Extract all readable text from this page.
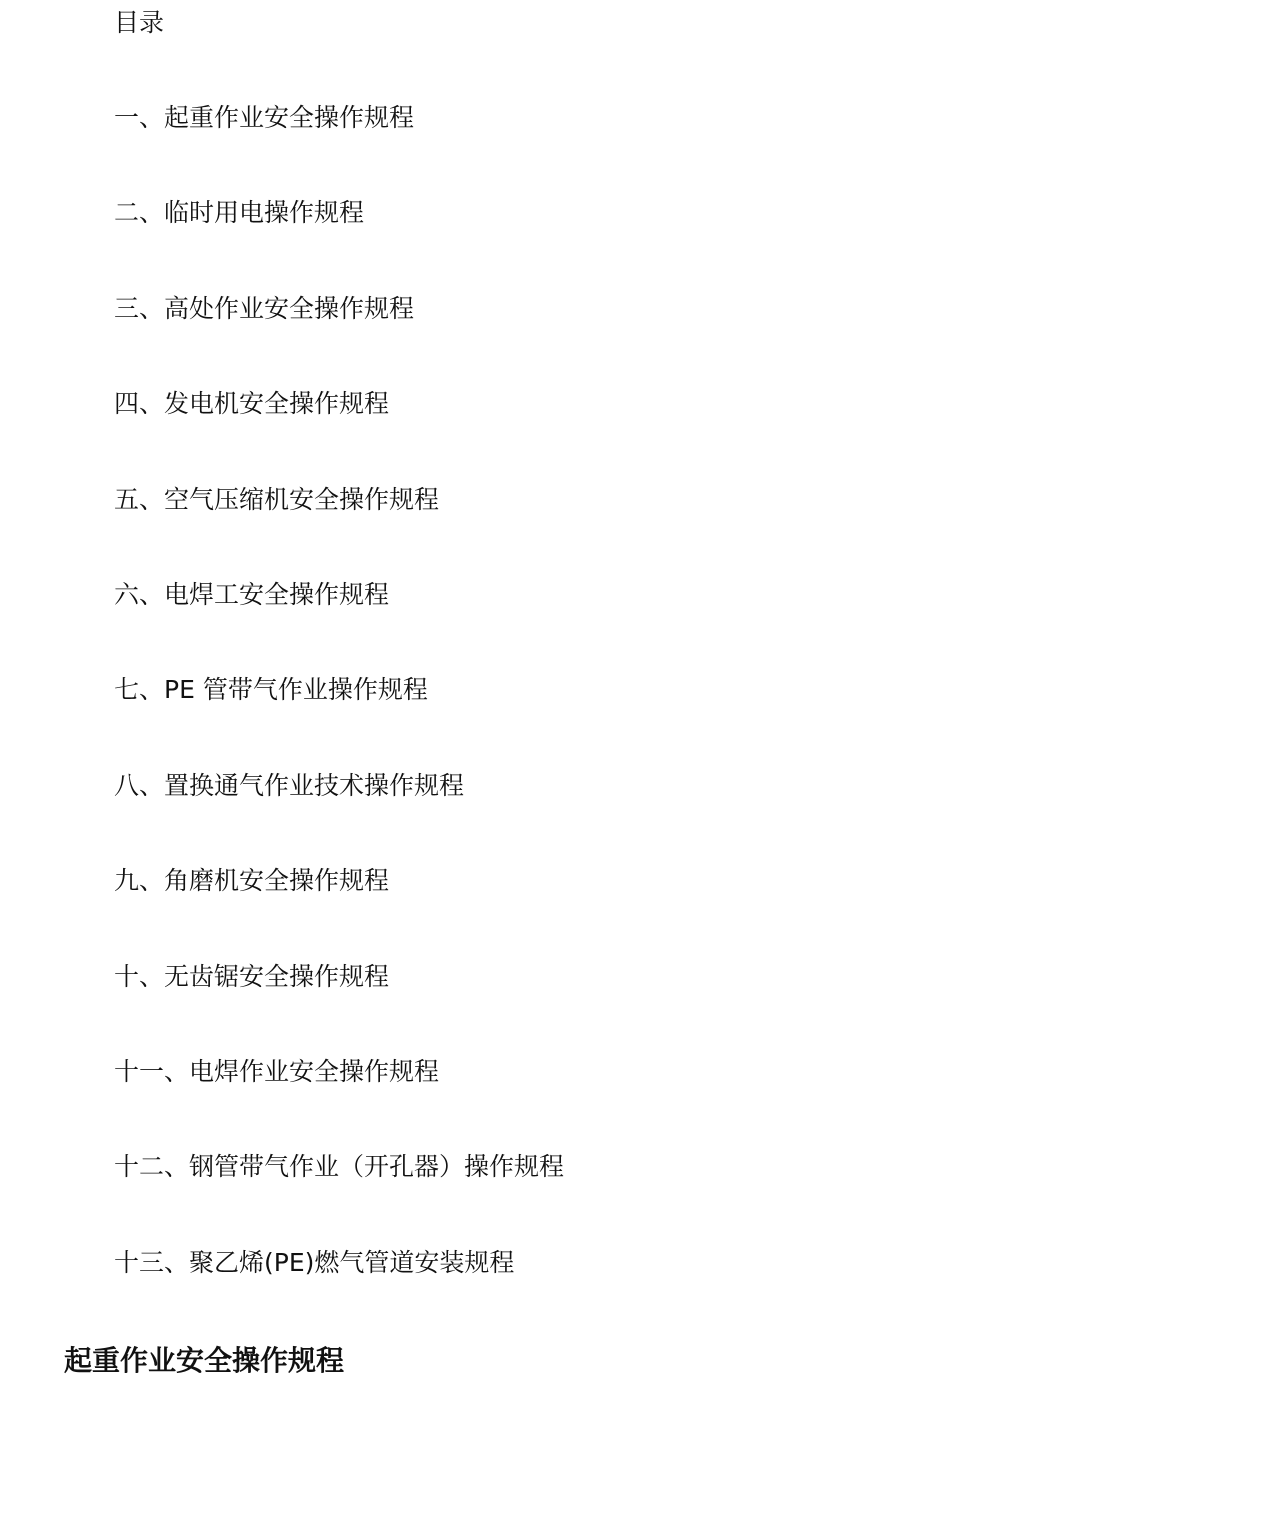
目录
一、起重作业安全操作规程
二、临时用电操作规程
三、高处作业安全操作规程
四、发电机安全操作规程
五、空气压缩机安全操作规程
六、电焊工安全操作规程
七、PE 管带气作业操作规程
八、置换通气作业技术操作规程
九、角磨机安全操作规程
十、无齿锯安全操作规程
十一、电焊作业安全操作规程
十二、钢管带气作业（开孔器）操作规程
十三、聚乙烯(PE)燃气管道安装规程
起重作业安全操作规程
